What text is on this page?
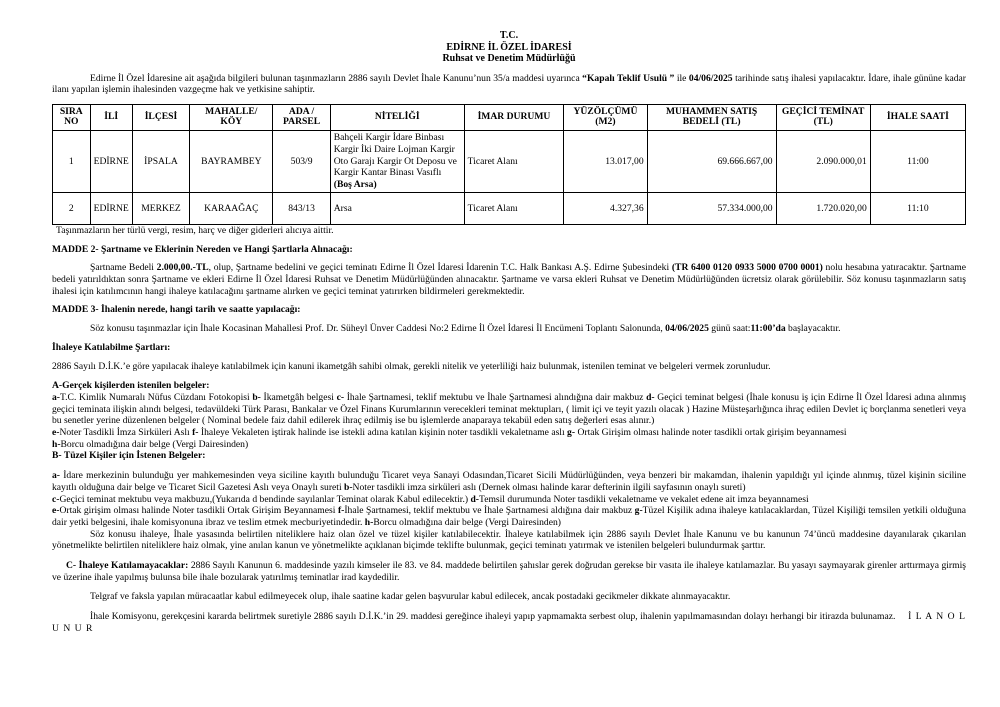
T.C.
EDİRNE İL ÖZEL İDARESİ
Ruhsat ve Denetim Müdürlüğü
Edirne İl Özel İdaresine ait aşağıda bilgileri bulunan taşınmazların 2886 sayılı Devlet İhale Kanunu’nun 35/a maddesi uyarınca “Kapalı Teklif Usulü ” ile 04/06/2025 tarihinde satış ihalesi yapılacaktır. İdare, ihale gününe kadar ilanı yapılan işlemin ihalesinden vazgeçme hak ve yetkisine sahiptir.
SIRA NO	İLİ	İLÇESİ	MAHALLE/ KÖY	ADA / PARSEL	NİTELİĞİ	İMAR DURUMU	YÜZÖLÇÜMÜ (M2)	MUHAMMEN SATIŞ BEDELİ (TL)	GEÇİCİ TEMİNAT (TL)	İHALE SAATİ
1	EDİRNE	İPSALA	BAYRAMBEY	503/9	Bahçeli Kargir İdare Binbası Kargir İki Daire Lojman Kargir Oto Garajı Kargir Ot Deposu ve Kargir Kantar Binası Vasıflı (Boş Arsa)	Ticaret Alanı	13.017,00	69.666.667,00	2.090.000,01	11:00
2	EDİRNE	MERKEZ	KARAAĞAÇ	843/13	Arsa	Ticaret Alanı	4.327,36	57.334.000,00	1.720.020,00	11:10
Taşınmazların her türlü vergi, resim, harç ve diğer giderleri alıcıya aittir.
MADDE 2- Şartname ve Eklerinin Nereden ve Hangi Şartlarla Alınacağı:
Şartname Bedeli 2.000,00.-TL, olup, Şartname bedelini ve geçici teminatı Edirne İl Özel İdaresi İdarenin T.C. Halk Bankası A.Ş. Edirne Şubesindeki (TR 6400 0120 0933 5000 0700 0001) nolu hesabına yatıracaktır. Şartname bedeli yatırıldıktan sonra Şartname ve ekleri Edirne İl Özel İdaresi Ruhsat ve Denetim Müdürlüğünden alınacaktır. Şartname ve varsa ekleri Ruhsat ve Denetim Müdürlüğünden ücretsiz olarak görülebilir. Söz konusu taşınmazların satış ihalesi için katılımcının hangi ihaleye katılacağını şartname alırken ve geçici teminat yatırırken bildirmeleri gerekmektedir.
MADDE 3- İhalenin nerede, hangi tarih ve saatte yapılacağı:
Söz konusu taşınmazlar için İhale Kocasinan Mahallesi Prof. Dr. Süheyl Ünver Caddesi No:2 Edirne İl Özel İdaresi İl Encümeni Toplantı Salonunda, 04/06/2025 günü saat:11:00’da başlayacaktır.
İhaleye Katılabilme Şartları:
2886 Sayılı D.İ.K.’e göre yapılacak ihaleye katılabilmek için kanuni ikametgâh sahibi olmak, gerekli nitelik ve yeterliliği haiz bulunmak, istenilen teminat ve belgeleri vermek zorunludur.
A-Gerçek kişilerden istenilen belgeler:
a-T.C. Kimlik Numaralı Nüfus Cüzdanı Fotokopisi b- İkametgâh belgesi c- İhale Şartnamesi, teklif mektubu ve İhale Şartnamesi alındığına dair makbuz d- Geçici teminat belgesi (İhale konusu iş için Edirne İl Özel İdaresi adına alınmış geçici teminata ilişkin alındı belgesi, tedavüldeki Türk Parası, Bankalar ve Özel Finans Kurumlarının verecekleri teminat mektupları, ( limit içi ve teyit yazılı olacak ) Hazine Müsteşarlığınca ihraç edilen Devlet iç borçlanma senetleri veya bu senetler yerine düzenlenen belgeler ( Nominal bedele faiz dahil edilerek ihraç edilmiş ise bu işlemlerde anaparaya tekabül eden satış değerleri esas alınır.)
e-Noter Tasdikli İmza Sirküleri Aslı f- İhaleye Vekaleten iştirak halinde ise istekli adına katılan kişinin noter tasdikli vekaletname aslı g- Ortak Girişim olması halinde noter tasdikli ortak girişim beyannamesi
h-Borcu olmadığına dair belge (Vergi Dairesinden)
B- Tüzel Kişiler için İstenen Belgeler:
a- İdare merkezinin bulunduğu yer mahkemesinden veya siciline kayıtlı bulunduğu Ticaret veya Sanayi Odasından,Ticaret Sicili Müdürlüğünden, veya benzeri bir makamdan, ihalenin yapıldığı yıl içinde alınmış, tüzel kişinin siciline kayıtlı olduğuna dair belge ve Ticaret Sicil Gazetesi Aslı veya Onaylı sureti b-Noter tasdikli imza sirküleri aslı (Dernek olması halinde karar defterinin ilgili sayfasının onaylı sureti)
c-Geçici teminat mektubu veya makbuzu,(Yukarıda d bendinde sayılanlar Teminat olarak Kabul edilecektir.) d-Temsil durumunda Noter tasdikli vekaletname ve vekalet edene ait imza beyannamesi
e-Ortak girişim olması halinde Noter tasdikli Ortak Girişim Beyannamesi f-İhale Şartnamesi, teklif mektubu ve İhale Şartnamesi aldığına dair makbuz g-Tüzel Kişilik adına ihaleye katılacaklardan, Tüzel Kişiliği temsilen yetkili olduğuna dair yetki belgesini, ihale komisyonuna ibraz ve teslim etmek mecburiyetindedir. h-Borcu olmadığına dair belge (Vergi Dairesinden)
Söz konusu ihaleye, İhale yasasında belirtilen niteliklere haiz olan özel ve tüzel kişiler katılabilecektir. İhaleye katılabilmek için 2886 sayılı Devlet İhale Kanunu ve bu kanunun 74’üncü maddesine dayanılarak çıkarılan yönetmelikte belirtilen niteliklere haiz olmak, yine anılan kanun ve yönetmelikte açıklanan biçimde teklifte bulunmak, geçici teminatı yatırmak ve istenilen belgeleri bulundurmak şarttır.
C- İhaleye Katılamayacaklar: 2886 Sayılı Kanunun 6. maddesinde yazılı kimseler ile 83. ve 84. maddede belirtilen şahıslar gerek doğrudan gerekse bir vasıta ile ihaleye katılamazlar. Bu yasayı saymayarak girenler arttırmaya girmiş ve üzerine ihale yapılmış bulunsa bile ihale bozularak yatırılmış teminatlar irad kaydedilir.
Telgraf ve faksla yapılan müracaatlar kabul edilmeyecek olup, ihale saatine kadar gelen başvurular kabul edilecek, ancak postadaki gecikmeler dikkate alınmayacaktır.
İhale Komisyonu, gerekçesini kararda belirtmek suretiyle 2886 sayılı D.İ.K.’in 29. maddesi gereğince ihaleyi yapıp yapmamakta serbest olup, ihalenin yapılmamasından dolayı herhangi bir itirazda bulunamaz. İ L A N O L U N U R
